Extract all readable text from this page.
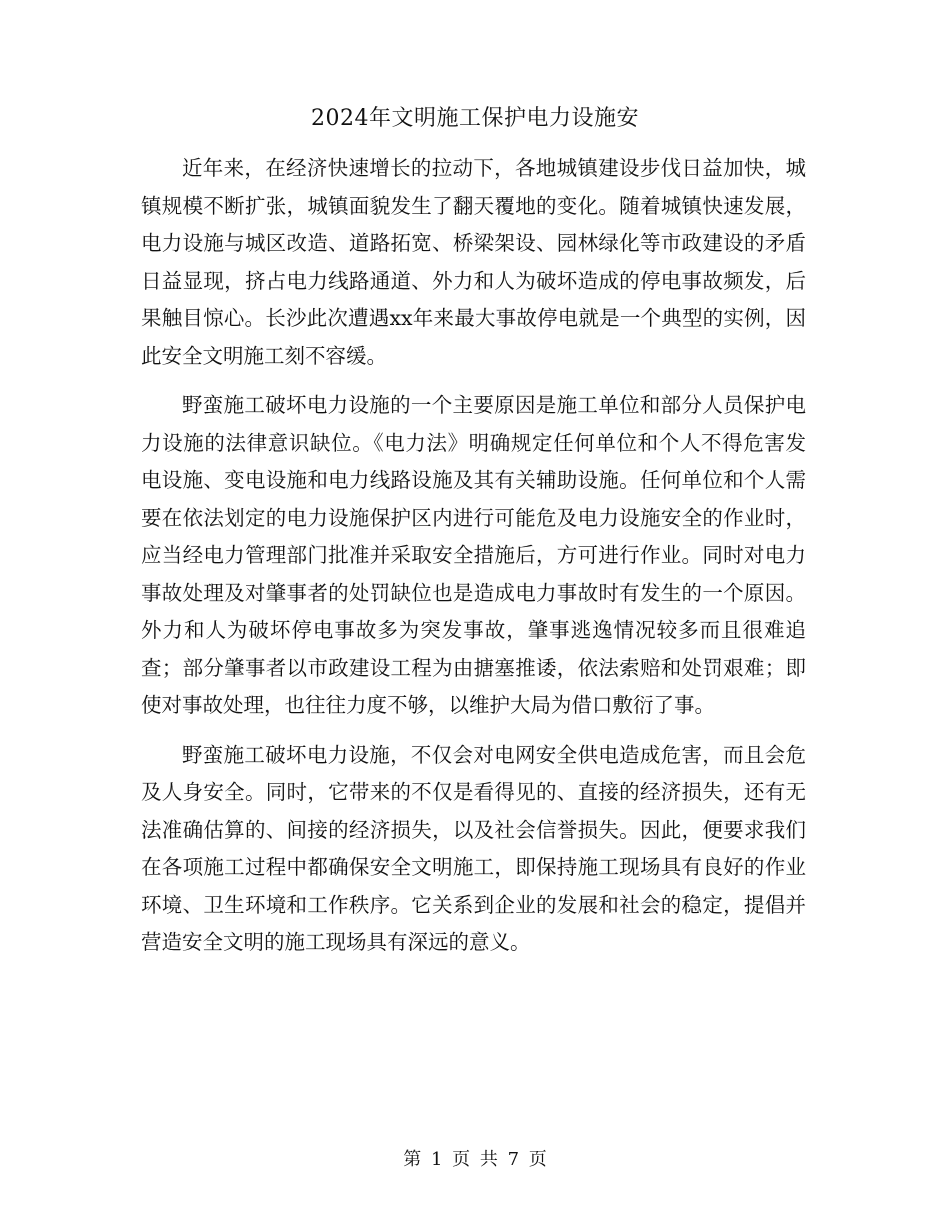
2024年文明施工保护电力设施安

近年来，在经济快速增长的拉动下，各地城镇建设步伐日益加快，城镇规模不断扩张，城镇面貌发生了翻天覆地的变化。随着城镇快速发展，电力设施与城区改造、道路拓宽、桥梁架设、园林绿化等市政建设的矛盾日益显现，挤占电力线路通道、外力和人为破坏造成的停电事故频发，后果触目惊心。长沙此次遭遇xx年来最大事故停电就是一个典型的实例，因此安全文明施工刻不容缓。

野蛮施工破坏电力设施的一个主要原因是施工单位和部分人员保护电力设施的法律意识缺位。《电力法》明确规定任何单位和个人不得危害发电设施、变电设施和电力线路设施及其有关辅助设施。任何单位和个人需要在依法划定的电力设施保护区内进行可能危及电力设施安全的作业时，应当经电力管理部门批准并采取安全措施后，方可进行作业。同时对电力事故处理及对肇事者的处罚缺位也是造成电力事故时有发生的一个原因。外力和人为破坏停电事故多为突发事故，肇事逃逸情况较多而且很难追查；部分肇事者以市政建设工程为由搪塞推诿，依法索赔和处罚艰难；即使对事故处理，也往往力度不够，以维护大局为借口敷衍了事。

野蛮施工破坏电力设施，不仅会对电网安全供电造成危害，而且会危及人身安全。同时，它带来的不仅是看得见的、直接的经济损失，还有无法准确估算的、间接的经济损失，以及社会信誉损失。因此，便要求我们在各项施工过程中都确保安全文明施工，即保持施工现场具有良好的作业环境、卫生环境和工作秩序。它关系到企业的发展和社会的稳定，提倡并营造安全文明的施工现场具有深远的意义。

第 1 页 共 7 页
